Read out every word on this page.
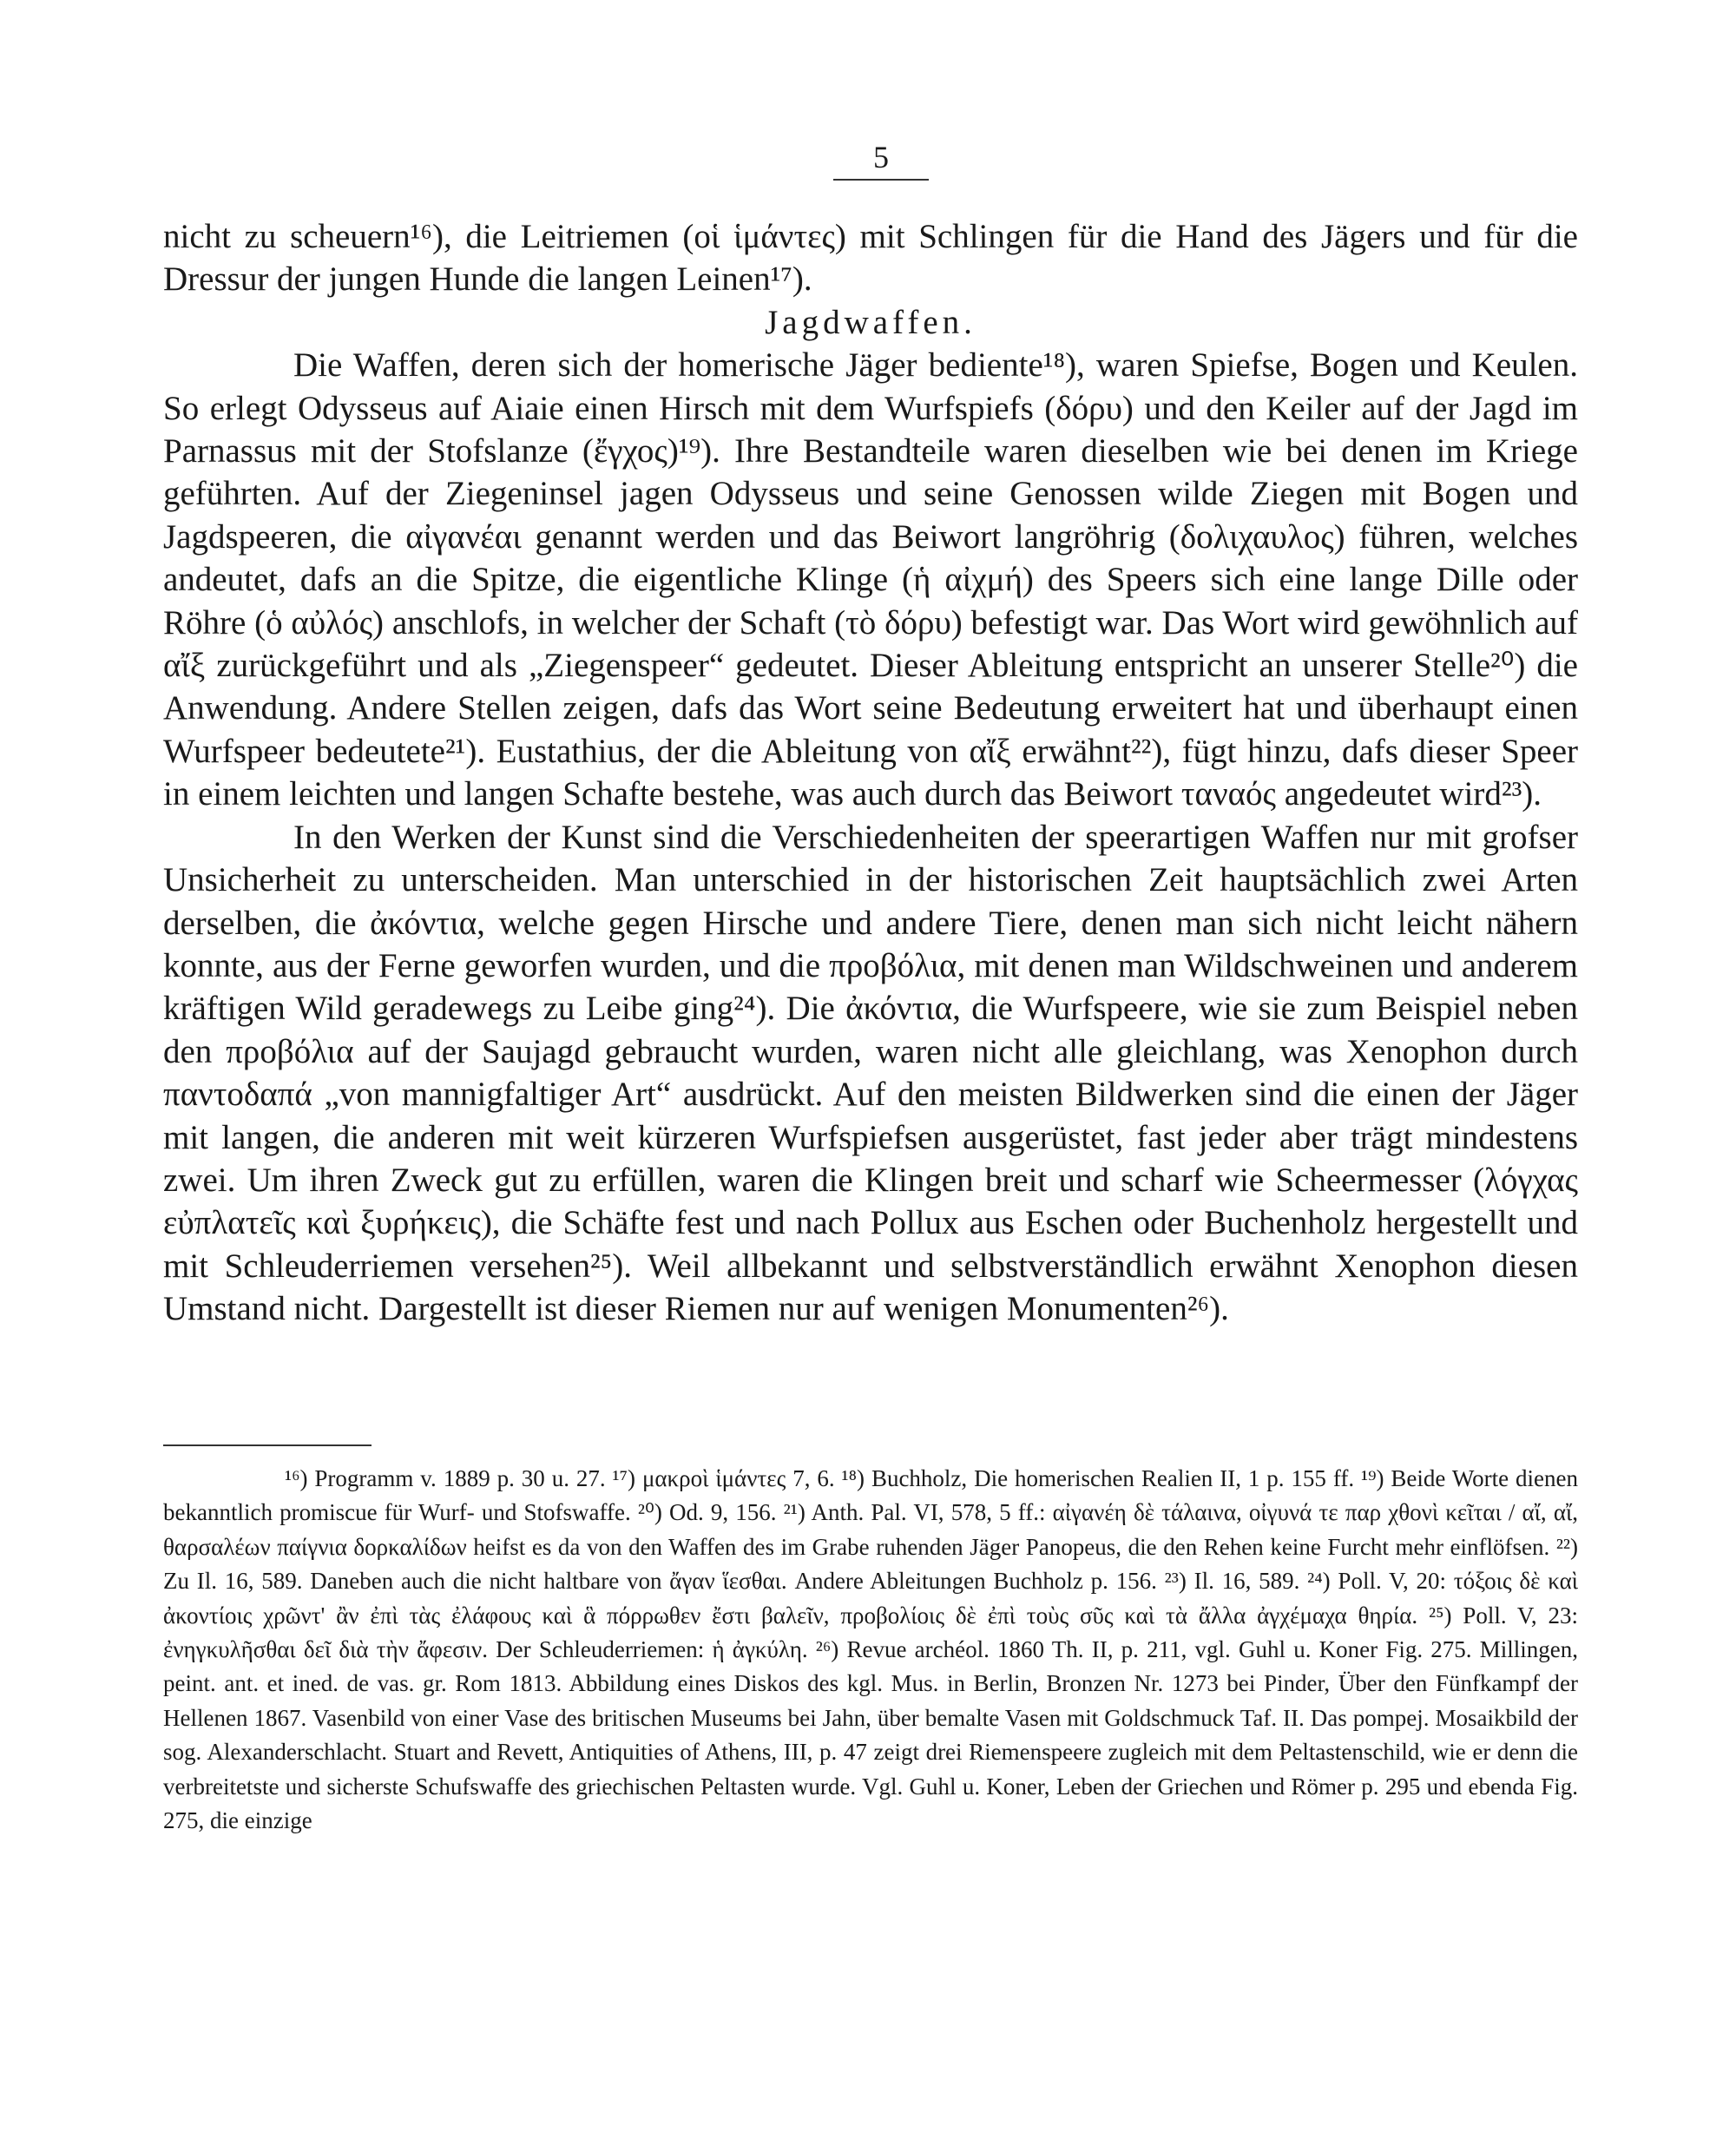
5

nicht zu scheuern¹⁶), die Leitriemen (οἱ ἱμάντες) mit Schlingen für die Hand des Jägers und für die Dressur der jungen Hunde die langen Leinen¹⁷).

Jagdwaffen.

Die Waffen, deren sich der homerische Jäger bediente¹⁸), waren Spiefse, Bogen und Keulen. So erlegt Odysseus auf Aiaie einen Hirsch mit dem Wurfspiefs (δόρυ) und den Keiler auf der Jagd im Parnassus mit der Stofslanze (ἔγχος)¹⁹). Ihre Bestandteile waren dieselben wie bei denen im Kriege geführten. Auf der Ziegeninsel jagen Odysseus und seine Genossen wilde Ziegen mit Bogen und Jagdspeeren, die αἰγανέαι genannt werden und das Beiwort langröhrig (δολιχαυλος) führen, welches andeutet, dafs an die Spitze, die eigentliche Klinge (ἡ αἰχμή) des Speers sich eine lange Dille oder Röhre (ὁ αὐλός) anschlofs, in welcher der Schaft (τὸ δόρυ) befestigt war. Das Wort wird gewöhnlich auf αἴξ zurückgeführt und als „Ziegenspeer“ gedeutet. Dieser Ableitung entspricht an unserer Stelle²⁰) die Anwendung. Andere Stellen zeigen, dafs das Wort seine Bedeutung erweitert hat und überhaupt einen Wurfspeer bedeutete²¹). Eustathius, der die Ableitung von αἴξ erwähnt²²), fügt hinzu, dafs dieser Speer in einem leichten und langen Schafte bestehe, was auch durch das Beiwort ταναός angedeutet wird²³).

In den Werken der Kunst sind die Verschiedenheiten der speerartigen Waffen nur mit grofser Unsicherheit zu unterscheiden. Man unterschied in der historischen Zeit hauptsächlich zwei Arten derselben, die ἀκόντια, welche gegen Hirsche und andere Tiere, denen man sich nicht leicht nähern konnte, aus der Ferne geworfen wurden, und die προβόλια, mit denen man Wildschweinen und anderem kräftigen Wild geradewegs zu Leibe ging²⁴). Die ἀκόντια, die Wurfspeere, wie sie zum Beispiel neben den προβόλια auf der Saujagd gebraucht wurden, waren nicht alle gleichlang, was Xenophon durch παντοδαπά „von mannigfaltiger Art“ ausdrückt. Auf den meisten Bildwerken sind die einen der Jäger mit langen, die anderen mit weit kürzeren Wurfspiefsen ausgerüstet, fast jeder aber trägt mindestens zwei. Um ihren Zweck gut zu erfüllen, waren die Klingen breit und scharf wie Scheermesser (λόγχας εὐπλατεῖς καὶ ξυρήκεις), die Schäfte fest und nach Pollux aus Eschen oder Buchenholz hergestellt und mit Schleuderriemen versehen²⁵). Weil allbekannt und selbstverständlich erwähnt Xenophon diesen Umstand nicht. Dargestellt ist dieser Riemen nur auf wenigen Monumenten²⁶).

¹⁶) Programm v. 1889 p. 30 u. 27. ¹⁷) μακροὶ ἱμάντες 7, 6. ¹⁸) Buchholz, Die homerischen Realien II, 1 p. 155 ff. ¹⁹) Beide Worte dienen bekanntlich promiscue für Wurf- und Stofswaffe. ²⁰) Od. 9, 156. ²¹) Anth. Pal. VI, 578, 5 ff.: αἰγανέη δὲ τάλαινα, οἰγυνά τε παρ χθονὶ κεῖται / αἴ, αἴ, θαρσαλέων παίγνια δορκαλίδων heifst es da von den Waffen des im Grabe ruhenden Jäger Panopeus, die den Rehen keine Furcht mehr einflöfsen. ²²) Zu Il. 16, 589. Daneben auch die nicht haltbare von ἄγαν ἵεσθαι. Andere Ableitungen Buchholz p. 156. ²³) Il. 16, 589. ²⁴) Poll. V, 20: τόξοις δὲ καὶ ἀκοντίοις χρῶντ' ἂν ἐπὶ τὰς ἐλάφους καὶ ἃ πόρρωθεν ἔστι βαλεῖν, προβολίοις δὲ ἐπὶ τοὺς σῦς καὶ τὰ ἄλλα ἀγχέμαχα θηρία. ²⁵) Poll. V, 23: ἐνηγκυλῆσθαι δεῖ διὰ τὴν ἄφεσιν. Der Schleuderriemen: ἡ ἀγκύλη. ²⁶) Revue archéol. 1860 Th. II, p. 211, vgl. Guhl u. Koner Fig. 275. Millingen, peint. ant. et ined. de vas. gr. Rom 1813. Abbildung eines Diskos des kgl. Mus. in Berlin, Bronzen Nr. 1273 bei Pinder, Über den Fünfkampf der Hellenen 1867. Vasenbild von einer Vase des britischen Museums bei Jahn, über bemalte Vasen mit Goldschmuck Taf. II. Das pompej. Mosaikbild der sog. Alexanderschlacht. Stuart and Revett, Antiquities of Athens, III, p. 47 zeigt drei Riemenspeere zugleich mit dem Peltastenschild, wie er denn die verbreitetste und sicherste Schufswaffe des griechischen Peltasten wurde. Vgl. Guhl u. Koner, Leben der Griechen und Römer p. 295 und ebenda Fig. 275, die einzige
